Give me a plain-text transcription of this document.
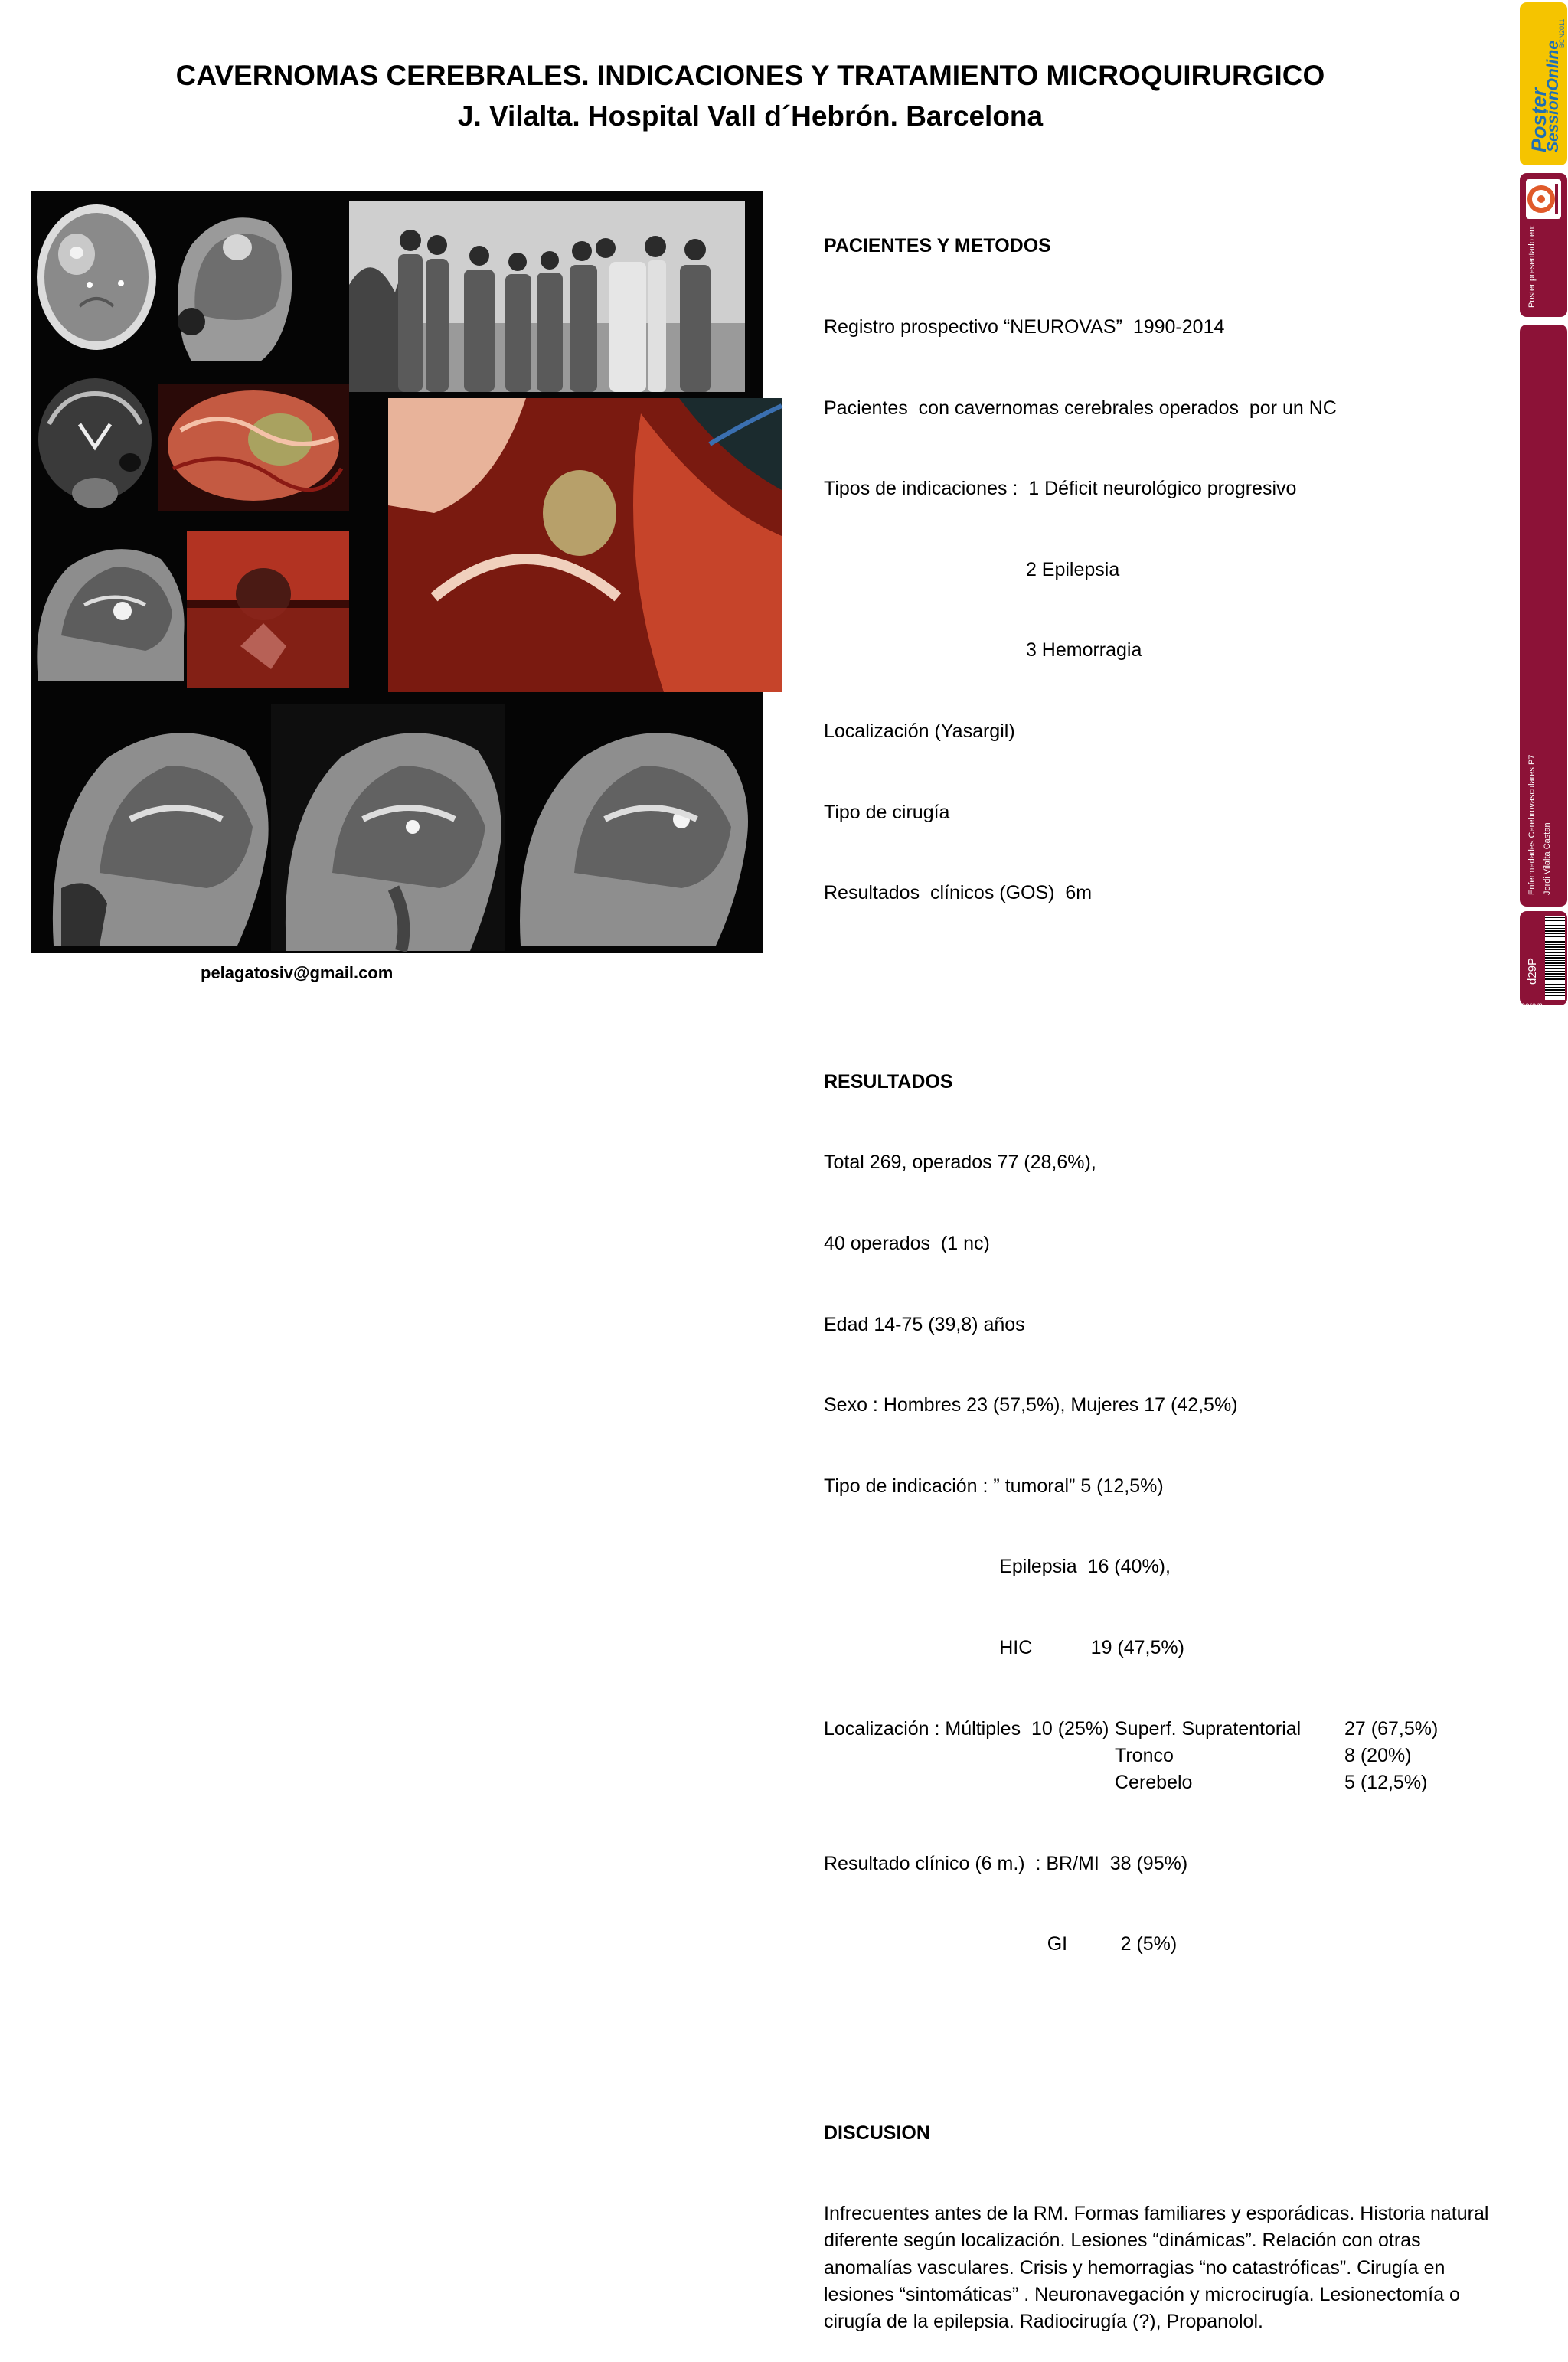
CAVERNOMAS CEREBRALES. INDICACIONES Y TRATAMIENTO MICROQUIRURGICO
J. Vilalta. Hospital Vall d´Hebrón. Barcelona
pelagatosiv@gmail.com

PACIENTES Y METODOS

Registro prospectivo “NEUROVAS”  1990-2014

Pacientes  con cavernomas cerebrales operados  por un NC

Tipos de indicaciones :  1 Déficit neurológico progresivo

2 Epilepsia

3 Hemorragia

Localización (Yasargil)

Tipo de cirugía

Resultados  clínicos (GOS)  6m

RESULTADOS

Total 269, operados 77 (28,6%),

40 operados  (1 nc)

Edad 14-75 (39,8) años

Sexo : Hombres 23 (57,5%), Mujeres 17 (42,5%)

Tipo de indicación : ” tumoral” 5 (12,5%)

Epilepsia  16 (40%),

HIC           19 (47,5%)

Localización : Múltiples  10 (25%) Superf. Supratentorial	27 (67,5%)
Tronco	8 (20%)
Cerebelo	5 (12,5%)

Resultado clínico (6 m.)  : BR/MI  38 (95%)

GI          2 (5%)

DISCUSION

Infrecuentes antes de la RM. Formas familiares y esporádicas. Historia natural diferente según localización. Lesiones “dinámicas”. Relación con otras anomalías vasculares. Crisis y hemorragias “no catastróficas”. Cirugía en lesiones “sintomáticas” . Neuronavegación y microcirugía. Lesionectomía o cirugía de la epilepsia. Radiocirugía (?), Propanolol.

Poster
SessionOnline
BCN2011
Poster presentado en:
Enfermedades Cerebrovasculares P7 Jordi Vilalta Castan
d29P
seram
